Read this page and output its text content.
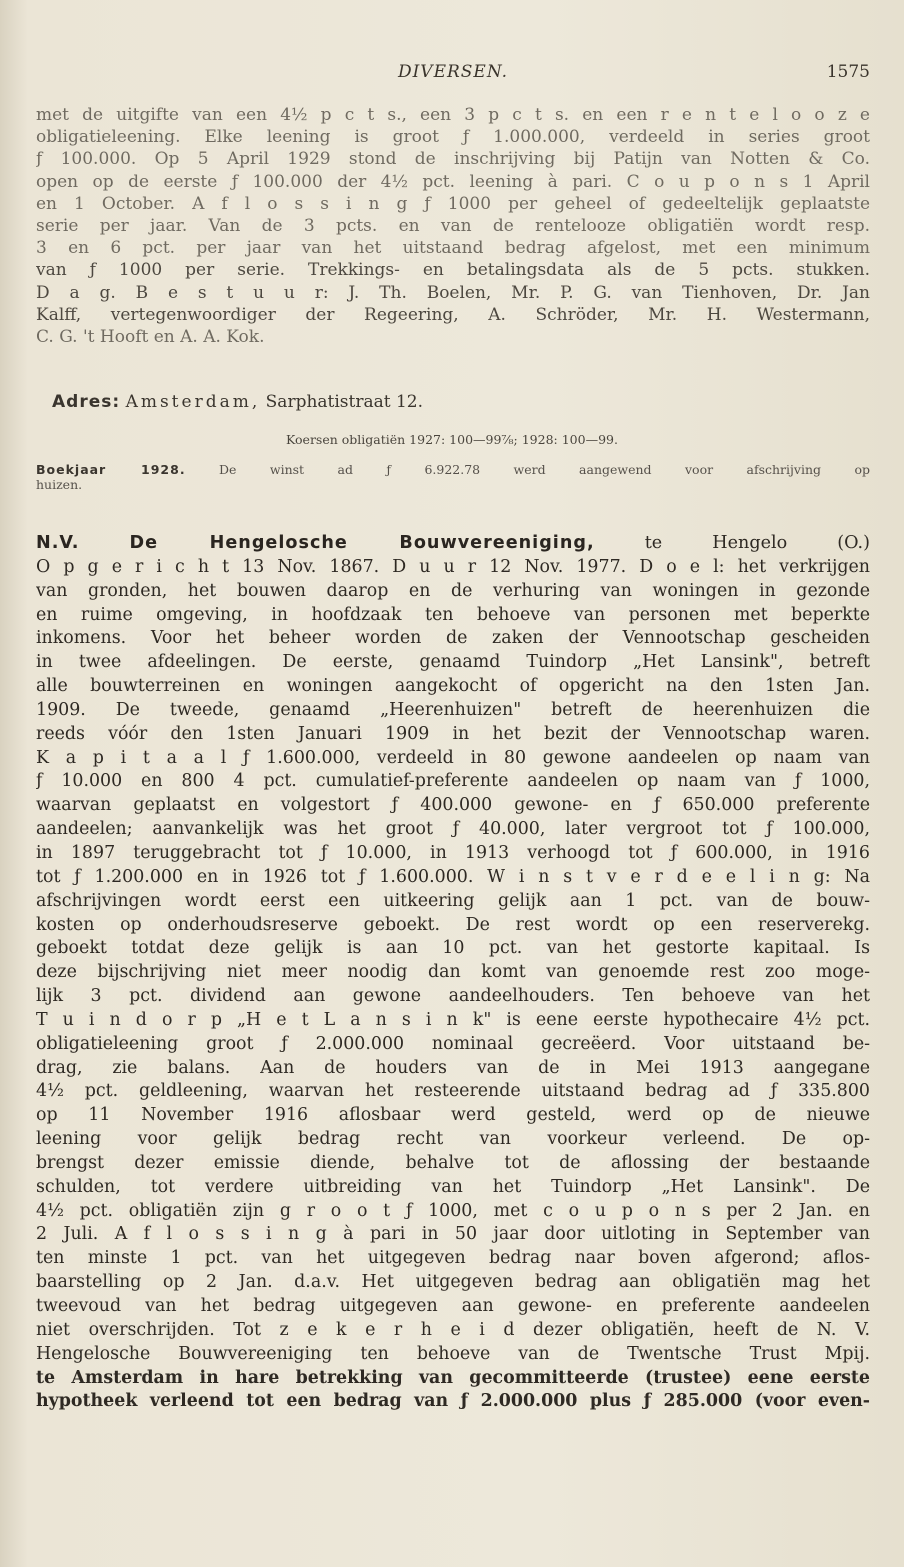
DIVERSEN.	1575
met de uitgifte van een 4½ p c t s., een 3 p c t s. en een r e n t e l o o z e
obligatieleening. Elke leening is groot ƒ 1.000.000, verdeeld in series groot
ƒ 100.000. Op 5 April 1929 stond de inschrijving bij Patijn van Notten & Co.
open op de eerste ƒ 100.000 der 4½ pct. leening à pari. C o u p o n s 1 April
en 1 October. A f l o s s i n g ƒ 1000 per geheel of gedeeltelijk geplaatste
serie per jaar. Van de 3 pcts. en van de rentelooze obligatiën wordt resp.
3 en 6 pct. per jaar van het uitstaand bedrag afgelost, met een minimum
van ƒ 1000 per serie. Trekkings- en betalingsdata als de 5 pcts. stukken.
D a g. B e s t u u r: J. Th. Boelen, Mr. P. G. van Tienhoven, Dr. Jan
Kalff, vertegenwoordiger der Regeering, A. Schröder, Mr. H. Westermann,
C. G. 't Hooft en A. A. Kok.
Adres: Amsterdam, Sarphatistraat 12.
Koersen obligatiën 1927: 100—99⅞; 1928: 100—99.
Boekjaar 1928.	De winst ad ƒ 6.922.78 werd aangewend voor afschrijving op
huizen.
N.V.	De Hengelosche Bouwvereeniging,	te Hengelo (O.)
O p g e r i c h t 13 Nov. 1867. D u u r 12 Nov. 1977. D o e l: het verkrijgen
van gronden, het bouwen daarop en de verhuring van woningen in gezonde
en ruime omgeving, in hoofdzaak ten behoeve van personen met beperkte
inkomens. Voor het beheer worden de zaken der Vennootschap gescheiden
in twee afdeelingen. De eerste, genaamd Tuindorp „Het Lansink", betreft
alle bouwterreinen en woningen aangekocht of opgericht na den 1sten Jan.
1909. De tweede, genaamd „Heerenhuizen" betreft de heerenhuizen die
reeds vóór den 1sten Januari 1909 in het bezit der Vennootschap waren.
K a p i t a a l ƒ 1.600.000, verdeeld in 80 gewone aandeelen op naam van
ƒ 10.000 en 800 4 pct. cumulatief-preferente aandeelen op naam van ƒ 1000,
waarvan geplaatst en volgestort ƒ 400.000 gewone- en ƒ 650.000 preferente
aandeelen; aanvankelijk was het groot ƒ 40.000, later vergroot tot ƒ 100.000,
in 1897 teruggebracht tot ƒ 10.000, in 1913 verhoogd tot ƒ 600.000, in 1916
tot ƒ 1.200.000 en in 1926 tot ƒ 1.600.000. W i n s t v e r d e e l i n g: Na
afschrijvingen wordt eerst een uitkeering gelijk aan 1 pct. van de bouw-
kosten op onderhoudsreserve geboekt. De rest wordt op een reserverekg.
geboekt totdat deze gelijk is aan 10 pct. van het gestorte kapitaal. Is
deze bijschrijving niet meer noodig dan komt van genoemde rest zoo moge-
lijk 3 pct. dividend aan gewone aandeelhouders. Ten behoeve van het
T u i n d o r p „H e t L a n s i n k" is eene eerste hypothecaire 4½ pct.
obligatieleening groot ƒ 2.000.000 nominaal gecreëerd. Voor uitstaand be-
drag, zie balans. Aan de houders van de in Mei 1913 aangegane
4½ pct. geldleening, waarvan het resteerende uitstaand bedrag ad ƒ 335.800
op 11 November 1916 aflosbaar werd gesteld, werd op de nieuwe
leening voor gelijk bedrag recht van voorkeur verleend. De op-
brengst dezer emissie diende, behalve tot de aflossing der bestaande
schulden, tot verdere uitbreiding van het Tuindorp „Het Lansink". De
4½ pct. obligatiën zijn g r o o t ƒ 1000, met c o u p o n s per 2 Jan. en
2 Juli. A f l o s s i n g à pari in 50 jaar door uitloting in September van
ten minste 1 pct. van het uitgegeven bedrag naar boven afgerond; aflos-
baarstelling op 2 Jan. d.a.v. Het uitgegeven bedrag aan obligatiën mag het
tweevoud van het bedrag uitgegeven aan gewone- en preferente aandeelen
niet overschrijden. Tot z e k e r h e i d dezer obligatiën, heeft de N. V.
Hengelosche Bouwvereeniging ten behoeve van de Twentsche Trust Mpij.
te Amsterdam in hare betrekking van gecommitteerde (trustee) eene eerste
hypotheek verleend tot een bedrag van ƒ 2.000.000 plus ƒ 285.000 (voor even-
